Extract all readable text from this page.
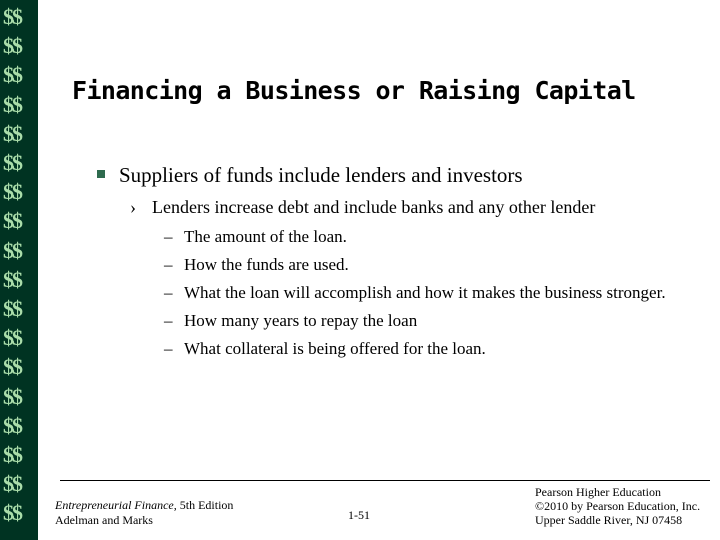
$$
$$
$$
$$
$$
$$
$$
$$
$$
$$
$$
$$
$$
$$
$$
$$
$$
$$
Financing a Business or Raising Capital
Suppliers of funds include lenders and investors
› Lenders increase debt and include banks and any other lender
– The amount of the loan.
– How the funds are used.
– What the loan will accomplish and how it makes the business stronger.
– How many years to repay the loan
– What collateral is being offered for the loan.
Entrepreneurial Finance, 5th Edition
Adelman and Marks	1-51
Pearson Higher Education
©2010 by Pearson Education, Inc.
Upper Saddle River, NJ 07458
